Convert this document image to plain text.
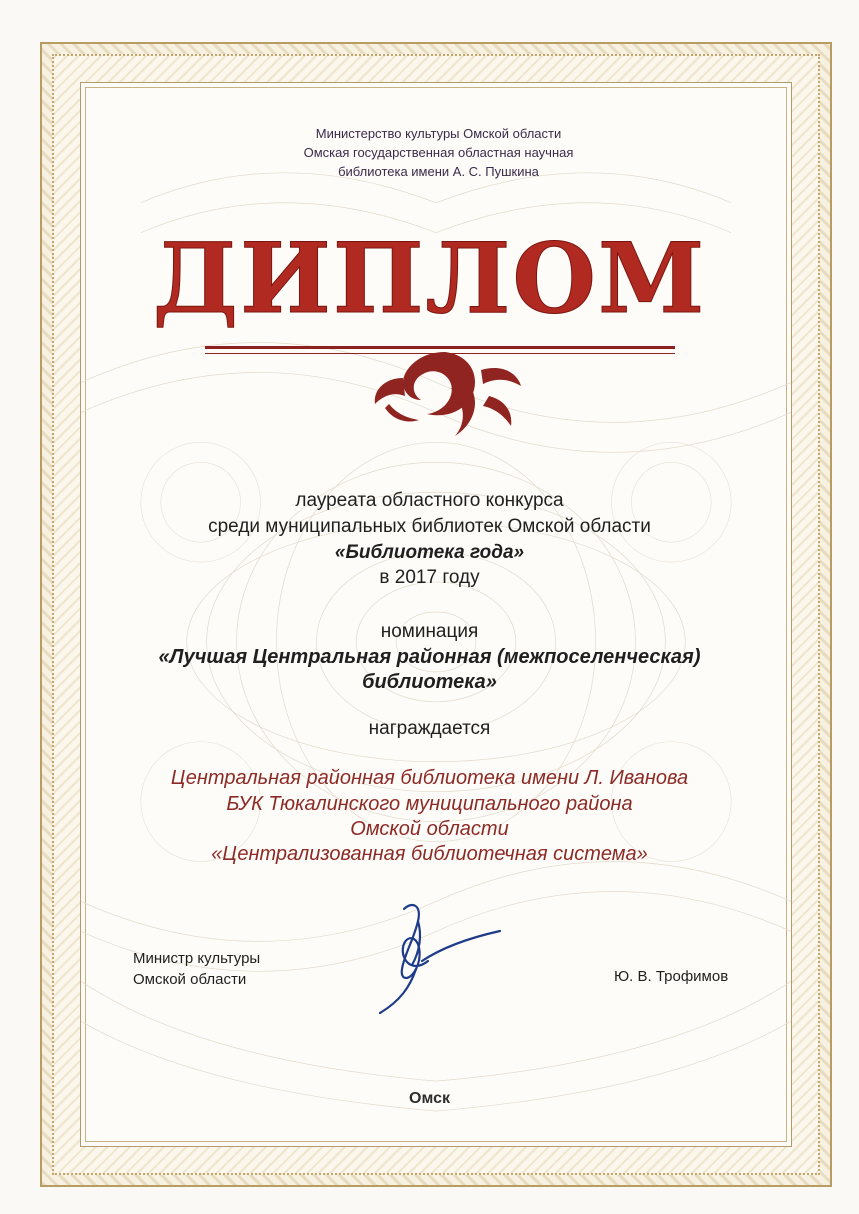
Министерство культуры Омской области
Омская государственная областная научная
библиотека имени А. С. Пушкина
ДИПЛОМ
лауреата областного конкурса
среди муниципальных библиотек Омской области
«Библиотека года»
в 2017 году
номинация
«Лучшая Центральная районная (межпоселенческая)
библиотека»
награждается
Центральная районная библиотека имени Л. Иванова
БУК Тюкалинского муниципального района
Омской области
«Централизованная библиотечная система»
Министр культуры
Омской области	Ю. В. Трофимов
Омск
